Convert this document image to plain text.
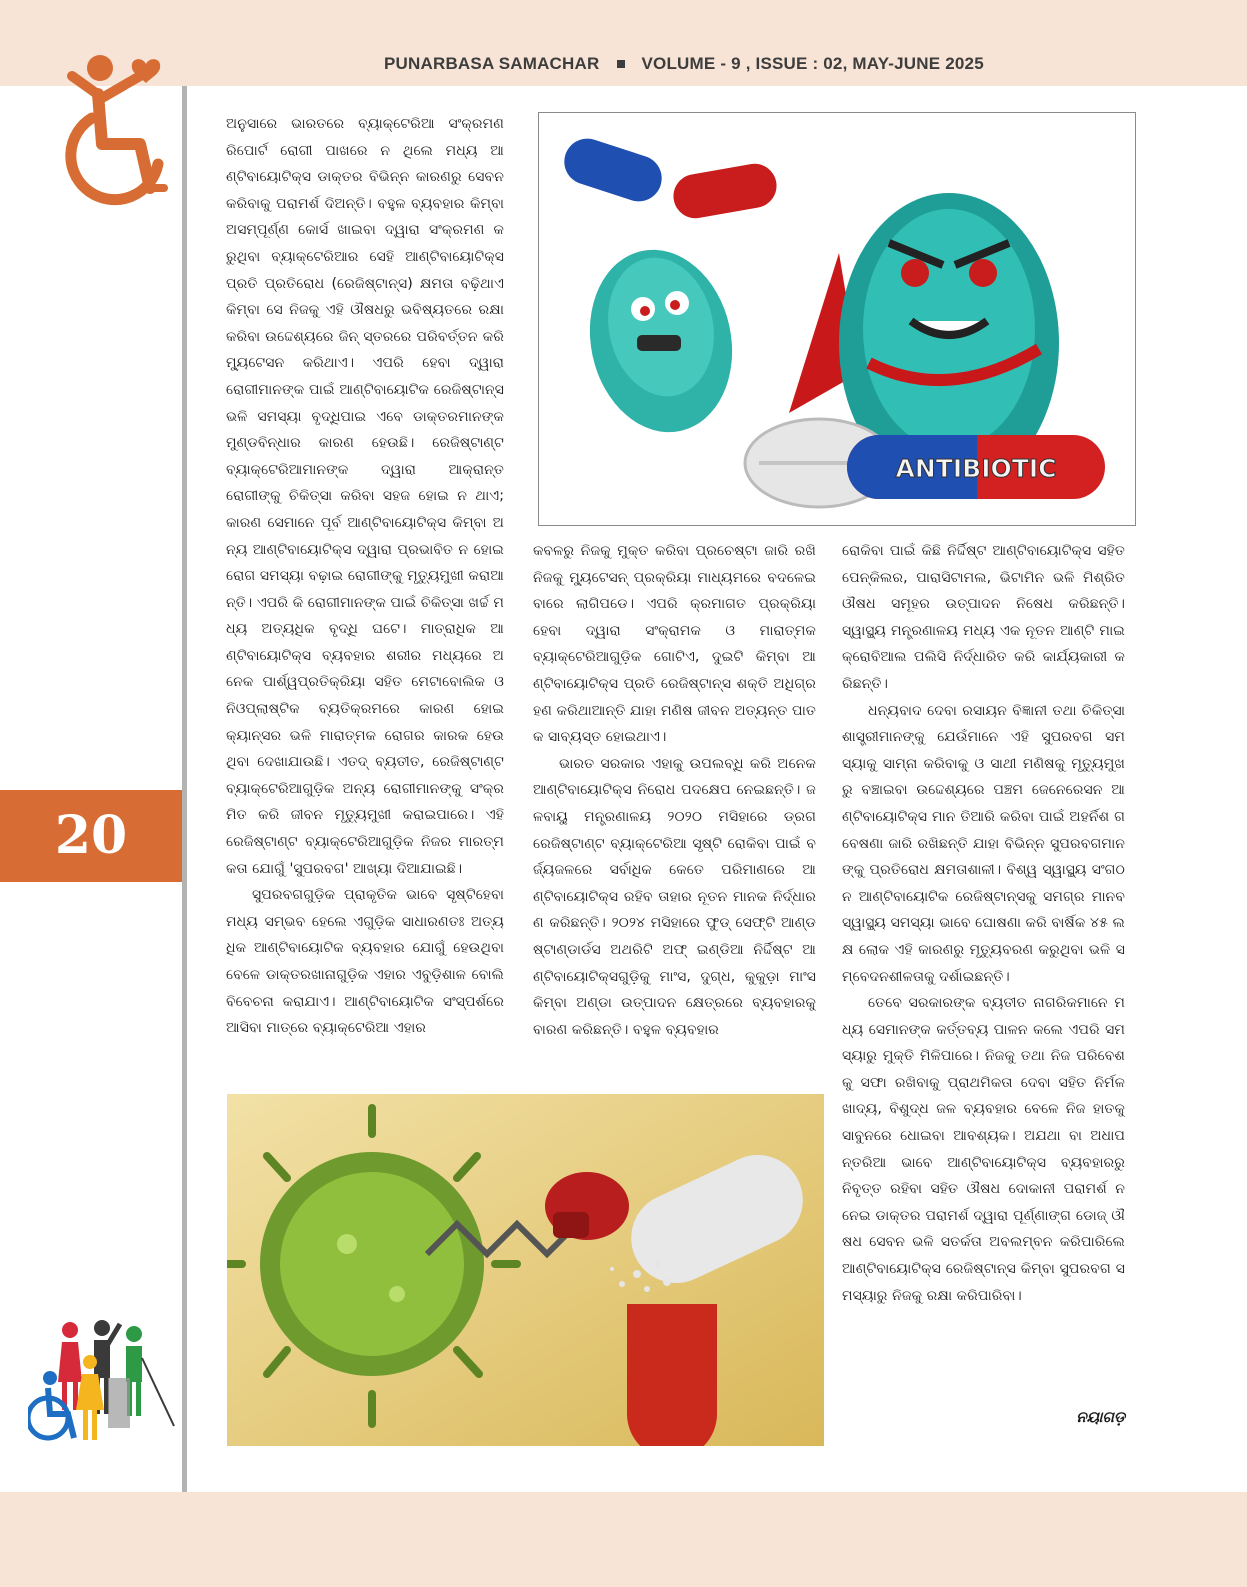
PUNARBASA SAMACHAR VOLUME - 9 , ISSUE : 02, MAY-JUNE 2025
20

ଅନୁସାରେ ଭାରତରେ ବ୍ୟାକ୍ଟେରିଆ ସଂକ୍ରମଣ ରିପୋର୍ଟ ରୋଗୀ ପାଖରେ ନ ଥିଲେ ମଧ୍ୟ ଆଣ୍ଟିବାୟୋଟିକ୍ସ ଡାକ୍ତର ବିଭିନ୍ନ କାରଣରୁ ସେବନ କରିବାକୁ ପରାମର୍ଶ ଦିଅନ୍ତି। ବହୁଳ ବ୍ୟବହାର କିମ୍ବା ଅସମ୍ପୂର୍ଣ୍ଣ କୋର୍ସ ଖାଇବା ଦ୍ୱାରା ସଂକ୍ରମଣ କରୁଥିବା ବ୍ୟାକ୍ଟେରିଆର ସେହି ଆଣ୍ଟିବାୟୋଟିକ୍ସ ପ୍ରତି ପ୍ରତିରୋଧ (ରେଜିଷ୍ଟାନ୍ସ) କ୍ଷମତା ବଢ଼ିଥାଏ କିମ୍ବା ସେ ନିଜକୁ ଏହି ଔଷଧରୁ ଭବିଷ୍ୟତରେ ରକ୍ଷା କରିବା ଉଦ୍ଦେଶ୍ୟରେ ଜିନ୍ ସ୍ତରରେ ପରିବର୍ତ୍ତନ କରି ମ୍ୟୁଟେସନ କରିଥାଏ। ଏପରି ହେବା ଦ୍ୱାରା ରୋଗୀମାନଙ୍କ ପାଇଁ ଆଣ୍ଟିବାୟୋଟିକ ରେଜିଷ୍ଟାନ୍ସ ଭଳି ସମସ୍ୟା ବୃଦ୍ଧିପାଇ ଏବେ ଡାକ୍ତରମାନଙ୍କ ମୁଣ୍ଡବିନ୍ଧାର କାରଣ ହେଉଛି। ରେଜିଷ୍ଟାଣ୍ଟ ବ୍ୟାକ୍ଟେରିଆମାନଙ୍କ ଦ୍ୱାରା ଆକ୍ରାନ୍ତ ରୋଗୀଙ୍କୁ ଚିକିତ୍ସା କରିବା ସହଜ ହୋଇ ନ ଥାଏ; କାରଣ ସେମାନେ ପୂର୍ବ ଆଣ୍ଟିବାୟୋଟିକ୍ସ କିମ୍ବା ଅନ୍ୟ ଆଣ୍ଟିବାୟୋଟିକ୍ସ ଦ୍ୱାରା ପ୍ରଭାବିତ ନ ହୋଇ ରୋଗ ସମସ୍ୟା ବଢ଼ାଇ ରୋଗୀଙ୍କୁ ମୃତ୍ୟୁମୁଖୀ କରାଆନ୍ତି। ଏପରି କି ରୋଗୀମାନଙ୍କ ପାଇଁ ଚିକିତ୍ସା ଖର୍ଚ୍ଚ ମଧ୍ୟ ଅତ୍ୟଧିକ ବୃଦ୍ଧି ଘଟେ। ମାତ୍ରାଧିକ ଆଣ୍ଟିବାୟୋଟିକ୍ସ ବ୍ୟବହାର ଶରୀର ମଧ୍ୟରେ ଅନେକ ପାର୍ଶ୍ୱପ୍ରତିକ୍ରିୟା ସହିତ ମେଟାବୋଲିକ ଓ ନିଓପ୍ଲାଷ୍ଟିକ ବ୍ୟତିକ୍ରମରେ କାରଣ ହୋଇ କ୍ୟାନ୍ସର ଭଳି ମାରାତ୍ମକ ରୋଗର କାରକ ହେଉଥିବା ଦେଖାଯାଉଛି। ଏତଦ୍ ବ୍ୟତୀତ, ରେଜିଷ୍ଟାଣ୍ଟ ବ୍ୟାକ୍ଟେରିଆଗୁଡ଼ିକ ଅନ୍ୟ ରୋଗୀମାନଙ୍କୁ ସଂକ୍ରମିତ କରି ଜୀବନ ମୃତ୍ୟୁମୁଖୀ କରାଇପାରେ। ଏହି ରେଜିଷ୍ଟାଣ୍ଟ ବ୍ୟାକ୍ଟେରିଆଗୁଡ଼ିକ ନିଜର ମାରତ୍ମକତା ଯୋଗୁଁ 'ସୁପରବଗ' ଆଖ୍ୟା ଦିଆଯାଇଛି।

ସୁପରବଗଗୁଡ଼ିକ ପ୍ରାକୃତିକ ଭାବେ ସୃଷ୍ଟିହେବା ମଧ୍ୟ ସମ୍ଭବ ହେଲେ ଏଗୁଡ଼ିକ ସାଧାରଣତଃ ଅତ୍ୟଧିକ ଆଣ୍ଟିବାୟୋଟିକ ବ୍ୟବହାର ଯୋଗୁଁ ହେଉଥିବା ବେଳେ ଡାକ୍ତରଖାନାଗୁଡ଼ିକ ଏହାର ଏବୁଡ଼ିଶାଳ ବୋଲି ବିବେଚନା କରାଯାଏ। ଆଣ୍ଟିବାୟୋଟିକ ସଂସ୍ପର୍ଶରେ ଆସିବା ମାତ୍ରେ ବ୍ୟାକ୍ଟେରିଆ ଏହାର

ANTIBIOTIC

କବଳରୁ ନିଜକୁ ମୁକ୍ତ କରିବା ପ୍ରଚେଷ୍ଟା ଜାରି ରଖି ନିଜକୁ ମ୍ୟୁଟେସନ୍ ପ୍ରକ୍ରିୟା ମାଧ୍ୟମରେ ବଦଳେଇବାରେ ଲାଗିପଡେ। ଏପରି କ୍ରମାଗତ ପ୍ରକ୍ରିୟା ହେବା ଦ୍ୱାରା ସଂକ୍ରାମକ ଓ ମାରାତ୍ମକ ବ୍ୟାକ୍ଟେରିଆଗୁଡ଼ିକ ଗୋଟିଏ, ଦୁଇଟି କିମ୍ବା ଆଣ୍ଟିବାୟୋଟିକ୍ସ ପ୍ରତି ରେଜିଷ୍ଟାନ୍ସ ଶକ୍ତି ଅଧିଗ୍ରହଣ କରିଥାଆନ୍ତି ଯାହା ମଣିଷ ଜୀବନ ଅତ୍ୟନ୍ତ ପାତକ ସାବ୍ୟସ୍ତ ହୋଇଥାଏ।

ଭାରତ ସରକାର ଏହାକୁ ଉପଲବ୍ଧି କରି ଅନେକ ଆଣ୍ଟିବାୟୋଟିକ୍ସ ନିରୋଧ ପଦକ୍ଷେପ ନେଇଛନ୍ତି। ଜଳବାୟୁ ମନ୍ତ୍ରଣାଳୟ ୨୦୨୦ ମସିହାରେ ଡ୍ରଗ ରେଜିଷ୍ଟାଣ୍ଟ ବ୍ୟାକ୍ଟେରିଆ ସୃଷ୍ଟି ରୋକିବା ପାଇଁ ବର୍ଜ୍ୟଜଳରେ ସର୍ବାଧିକ କେତେ ପରିମାଣରେ ଆଣ୍ଟିବାୟୋଟିକ୍ସ ରହିବ ତାହାର ନୂତନ ମାନକ ନିର୍ଦ୍ଧାରଣ କରିଛନ୍ତି। ୨୦୨୪ ମସିହାରେ ଫୁଡ୍ ସେଫ୍ଟି ଆଣ୍ଡ ଷ୍ଟାଣ୍ଡାର୍ଡସ ଅଥରିଟି ଅଫ୍ ଇଣ୍ଡିଆ ନିର୍ଦ୍ଦିଷ୍ଟ ଆଣ୍ଟିବାୟୋଟିକ୍ସଗୁଡ଼ିକୁ ମାଂସ, ଦୁଗ୍ଧ, କୁକୁଡ଼ା ମାଂସ କିମ୍ବା ଅଣ୍ଡା ଉତ୍ପାଦନ କ୍ଷେତ୍ରରେ ବ୍ୟବହାରକୁ ବାରଣ କରିଛନ୍ତି। ବହୁଳ ବ୍ୟବହାର

ରୋକିବା ପାଇଁ କିଛି ନିର୍ଦ୍ଦିଷ୍ଟ ଆଣ୍ଟିବାୟୋଟିକ୍ସ ସହିତ ପେନ୍‌କିଲର, ପାରାସିଟାମଲ, ଭିଟାମିନ ଭଳି ମିଶ୍ରିତ ଔଷଧ ସମୂହର ଉତ୍ପାଦନ ନିଷେଧ କରିଛନ୍ତି। ସ୍ୱାସ୍ଥ୍ୟ ମନ୍ତ୍ରଣାଳୟ ମଧ୍ୟ ଏକ ନୂତନ ଆଣ୍ଟି ମାଇକ୍ରୋବିଆଲ ପଲିସି ନିର୍ଦ୍ଧାରିତ କରି କାର୍ଯ୍ୟକାରୀ କରିଛନ୍ତି।

ଧନ୍ୟବାଦ ଦେବା ରସାୟନ ବିଜ୍ଞାନୀ ତଥା ଚିକିତ୍ସା ଶାସ୍ତ୍ରୀମାନଙ୍କୁ ଯେଉଁମାନେ ଏହି ସୁପରବଗ ସମସ୍ୟାକୁ ସାମ୍ନା କରିବାକୁ ଓ ସାଥୀ ମଣିଷକୁ ମୃତ୍ୟୁମୁଖରୁ ବଞ୍ଚାଇବା ଉଦ୍ଦେଶ୍ୟରେ ପଞ୍ଚମ ଜେନେରେସନ ଆଣ୍ଟିବାୟୋଟିକ୍ସ ମାନ ତିଆରି କରିବା ପାଇଁ ଅହର୍ନିଶ ଗବେଷଣା ଜାରି ରଖିଛନ୍ତି ଯାହା ବିଭିନ୍ନ ସୁପରବଗମାନଙ୍କୁ ପ୍ରତିରୋଧ କ୍ଷମତାଶାଳୀ। ବିଶ୍ୱ ସ୍ୱାସ୍ଥ୍ୟ ସଂଗଠନ ଆଣ୍ଟିବାୟୋଟିକ ରେଜିଷ୍ଟାନ୍ସକୁ ସମଗ୍ର ମାନବ ସ୍ୱାସ୍ଥ୍ୟ ସମସ୍ୟା ଭାବେ ଘୋଷଣା କରି ବାର୍ଷିକ ୪୫ ଲକ୍ଷ ଲୋକ ଏହି କାରଣରୁ ମୃତ୍ୟୁବରଣ କରୁଥିବା ଭଳି ସମ୍ବେଦନଶୀଳତାକୁ ଦର୍ଶାଇଛନ୍ତି।

ତେବେ ସରକାରଙ୍କ ବ୍ୟତୀତ ନାଗରିକମାନେ ମଧ୍ୟ ସେମାନଙ୍କ କର୍ତ୍ତବ୍ୟ ପାଳନ କଲେ ଏପରି ସମସ୍ୟାରୁ ମୁକ୍ତି ମିଳିପାରେ। ନିଜକୁ ତଥା ନିଜ ପରିବେଶକୁ ସଫା ରଖିବାକୁ ପ୍ରାଥମିକତା ଦେବା ସହିତ ନିର୍ମଳ ଖାଦ୍ୟ, ବିଶୁଦ୍ଧ ଜଳ ବ୍ୟବହାର ବେଳେ ନିଜ ହାତକୁ ସାବୁନରେ ଧୋଇବା ଆବଶ୍ୟକ। ଅଯଥା ବା ଅଧାପନ୍ତରିଆ ଭାବେ ଆଣ୍ଟିବାୟୋଟିକ୍ସ ବ୍ୟବହାରରୁ ନିବୃତ୍ତ ରହିବା ସହିତ ଔଷଧ ଦୋକାନୀ ପରାମର୍ଶ ନ ନେଇ ଡାକ୍ତର ପରାମର୍ଶ ଦ୍ୱାରା ପୂର୍ଣ୍ଣାଙ୍ଗ ଡୋଜ୍ ଔଷଧ ସେବନ ଭଳି ସତର୍କତା ଅବଲମ୍ବନ କରିପାରିଲେ ଆଣ୍ଟିବାୟୋଟିକ୍ସ ରେଜିଷ୍ଟାନ୍ସ କିମ୍ବା ସୁପରବଗ ସମସ୍ୟାରୁ ନିଜକୁ ରକ୍ଷା କରିପାରିବା।

ନୟାଗଡ଼
